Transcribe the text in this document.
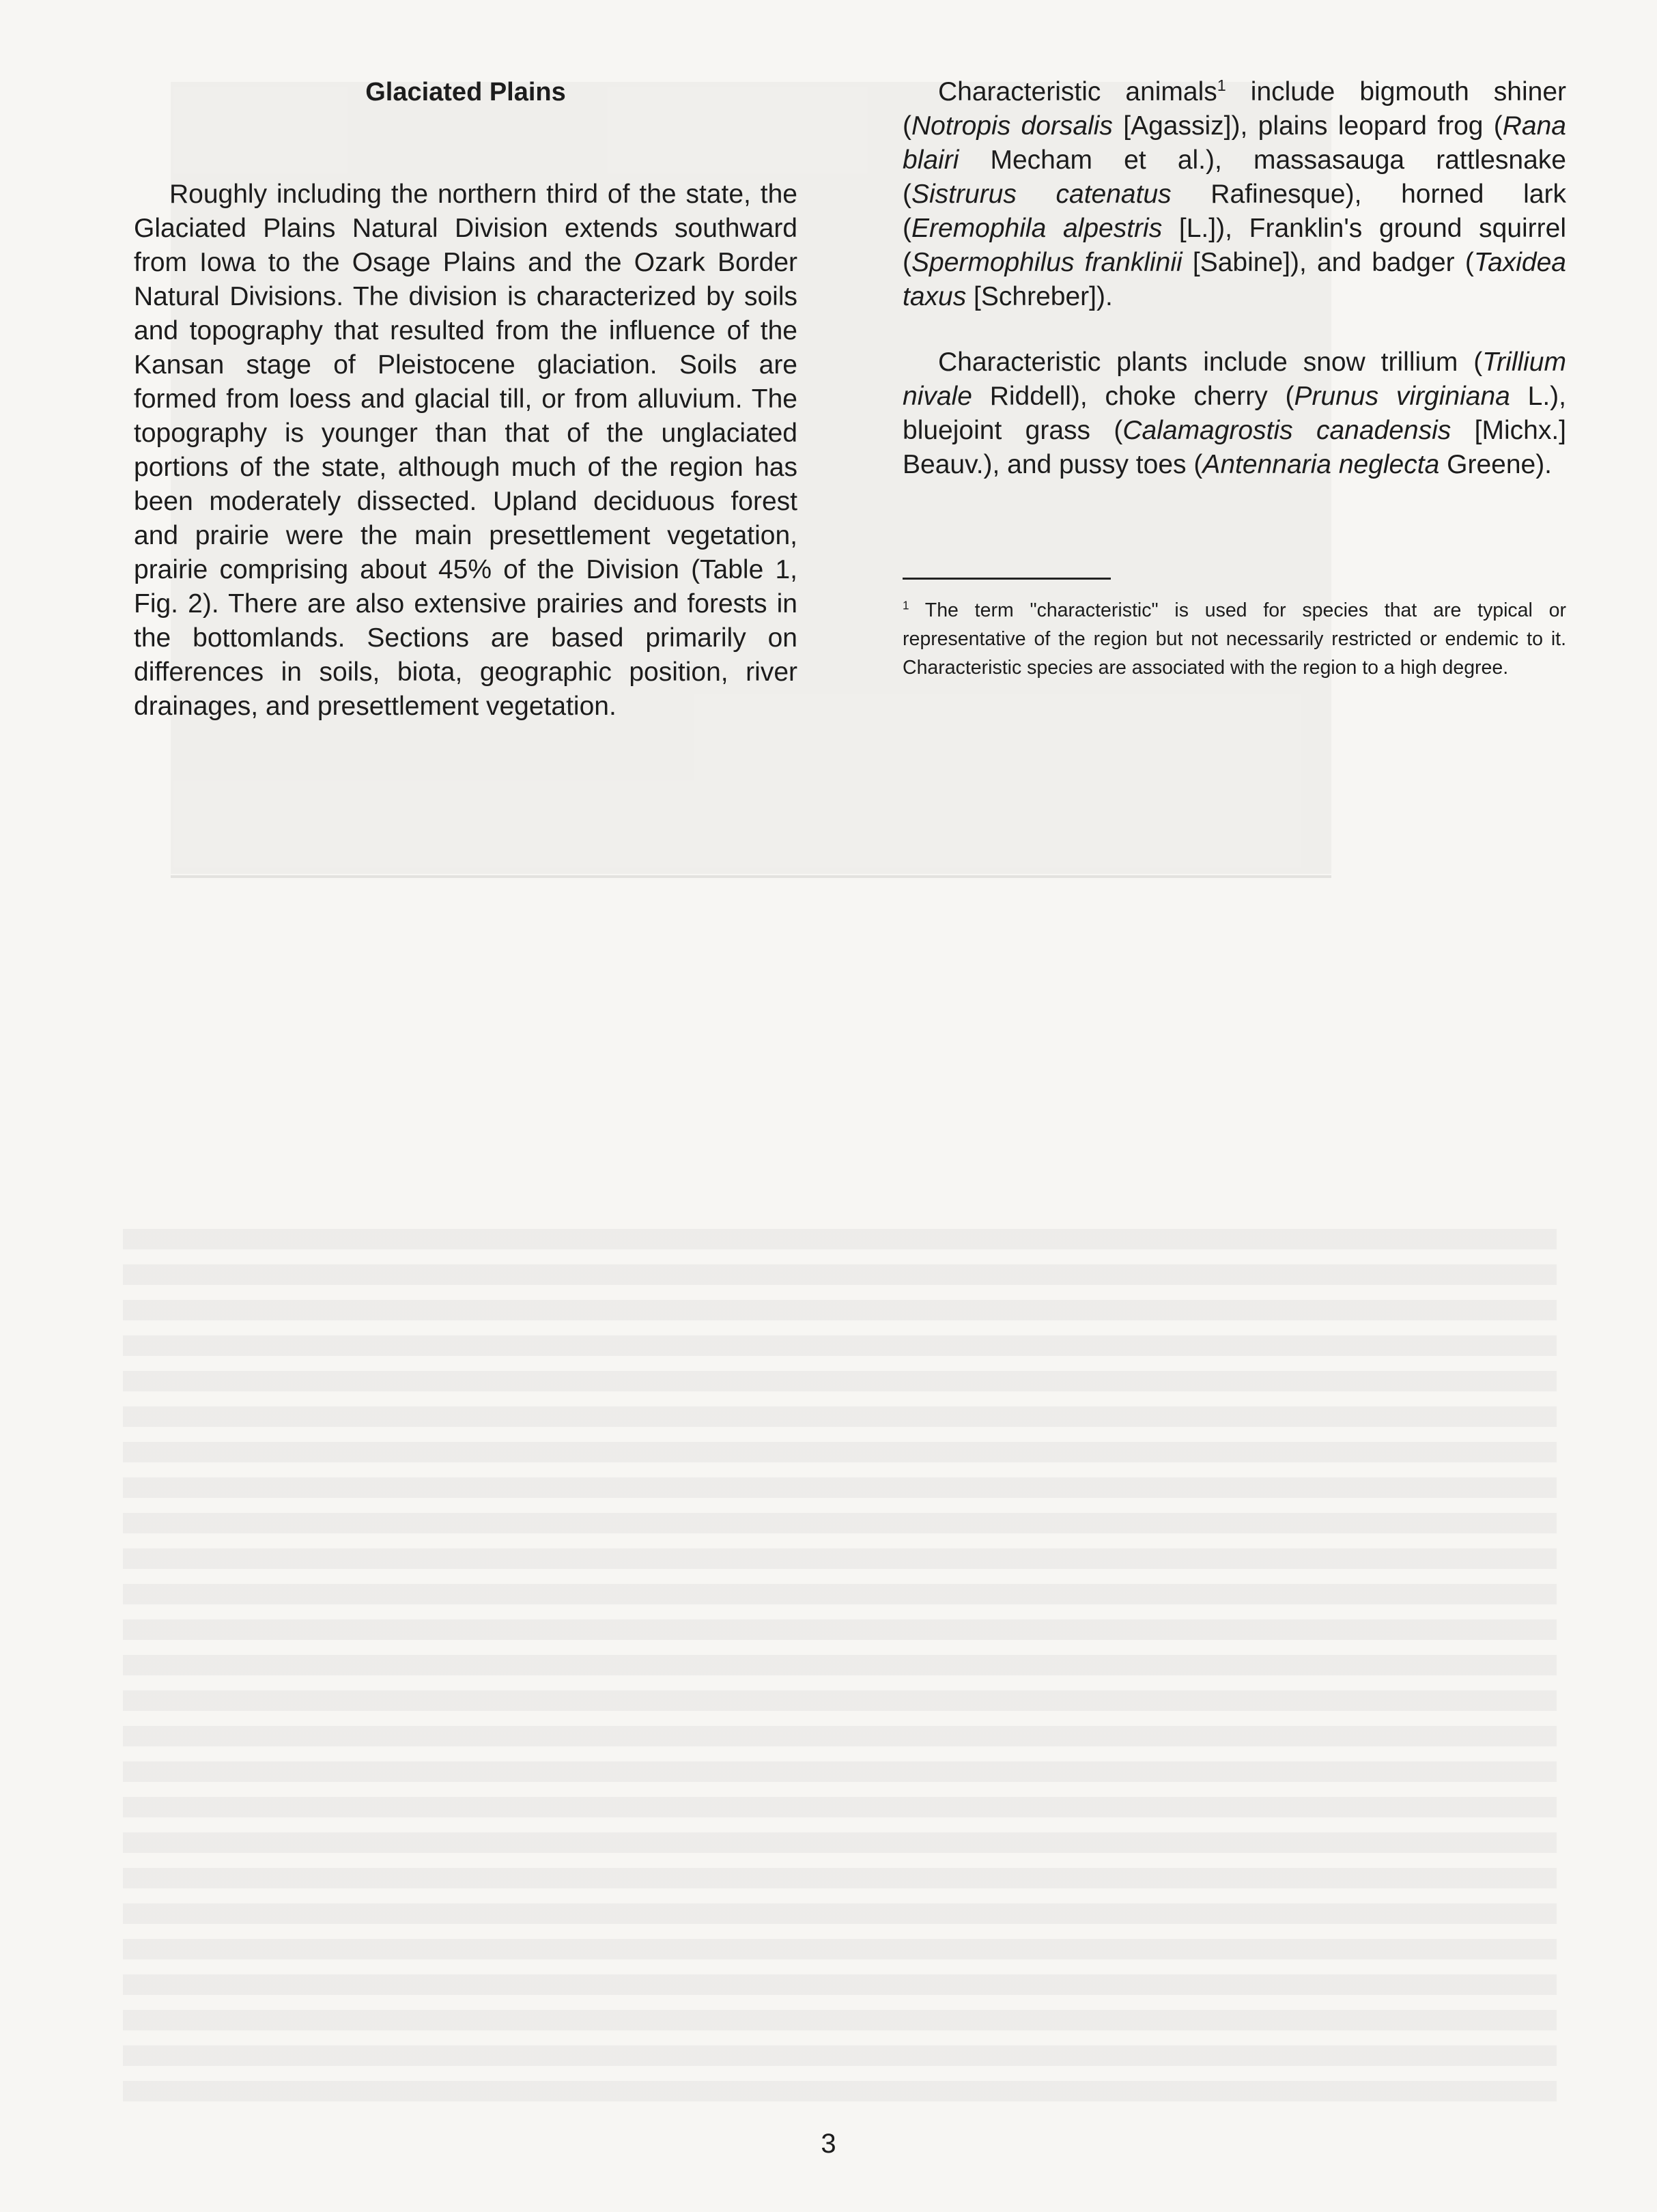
Glaciated Plains

Roughly including the northern third of the state, the Glaciated Plains Natural Division extends southward from Iowa to the Osage Plains and the Ozark Border Natural Divisions. The division is characterized by soils and topography that resulted from the influence of the Kansan stage of Pleistocene glaciation. Soils are formed from loess and glacial till, or from alluvium. The topography is younger than that of the unglaciated portions of the state, although much of the region has been moderately dissected. Upland deciduous forest and prairie were the main presettlement vegetation, prairie comprising about 45% of the Division (Table 1, Fig. 2). There are also extensive prairies and forests in the bottomlands. Sections are based primarily on differences in soils, biota, geographic position, river drainages, and presettlement vegetation.

Characteristic animals$^1$ include bigmouth shiner (Notropis dorsalis [Agassiz]), plains leopard frog (Rana blairi Mecham et al.), massasauga rattlesnake (Sistrurus catenatus Rafinesque), horned lark (Eremophila alpestris [L.]), Franklin's ground squirrel (Spermophilus franklinii [Sabine]), and badger (Taxidea taxus [Schreber]).

Characteristic plants include snow trillium (Trillium nivale Riddell), choke cherry (Prunus virginiana L.), bluejoint grass (Calamagrostis canadensis [Michx.] Beauv.), and pussy toes (Antennaria neglecta Greene).

$^1$ The term "characteristic" is used for species that are typical or representative of the region but not necessarily restricted or endemic to it. Characteristic species are associated with the region to a high degree.

3
